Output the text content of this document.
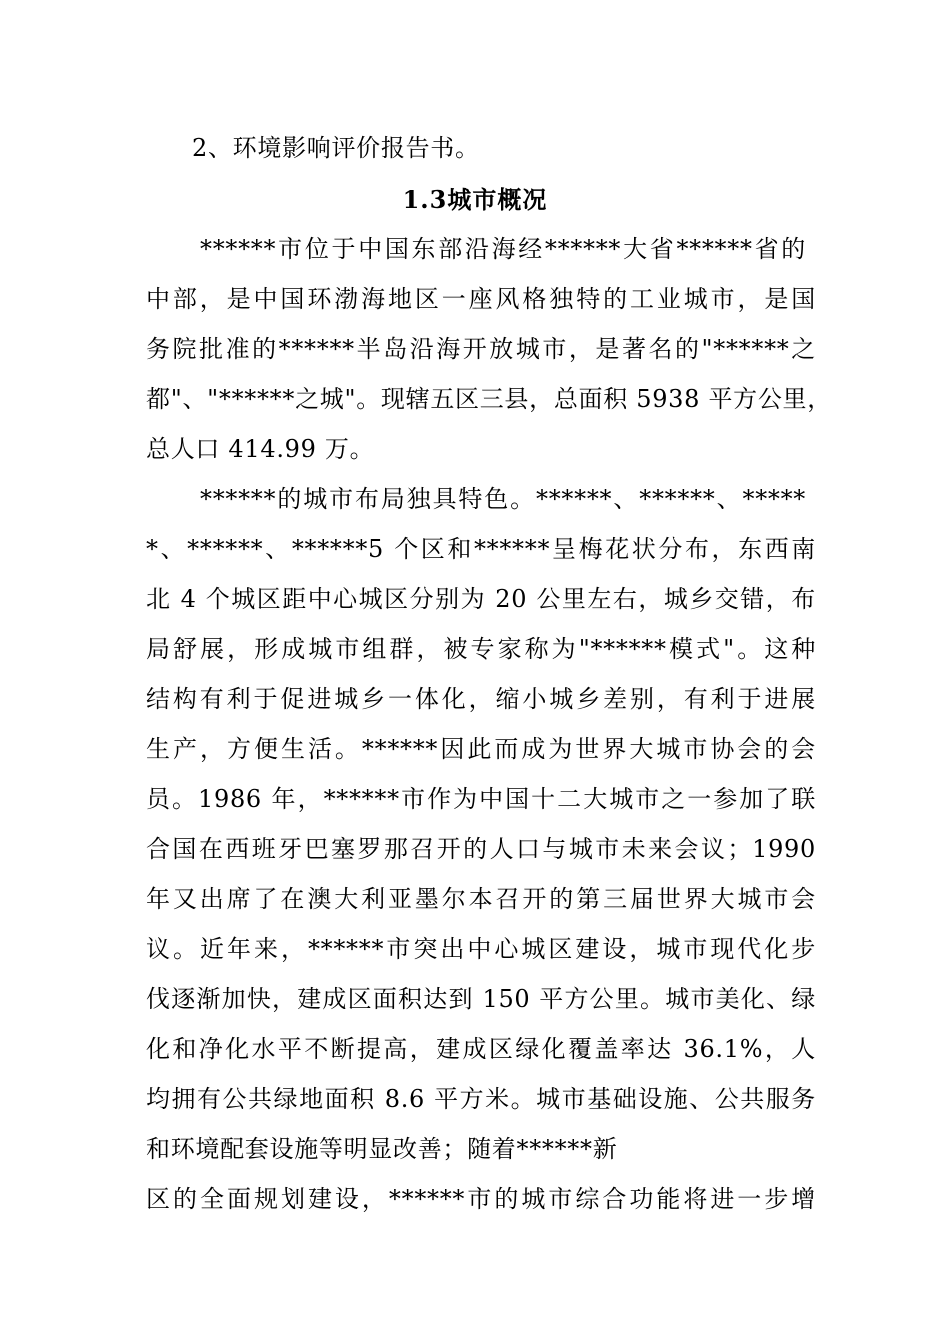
2、环境影响评价报告书。
1.3城市概况
******市位于中国东部沿海经******大省******省的
中部，是中国环渤海地区一座风格独特的工业城市，是国
务院批准的******半岛沿海开放城市，是著名的"******之
都"、"******之城"。现辖五区三县，总面积 5938 平方公里，
总人口 414.99 万。
******的城市布局独具特色。******、******、*****
*、******、******5 个区和******呈梅花状分布，东西南
北 4 个城区距中心城区分别为 20 公里左右，城乡交错，布
局舒展，形成城市组群，被专家称为"******模式"。这种
结构有利于促进城乡一体化，缩小城乡差别，有利于进展
生产，方便生活。******因此而成为世界大城市协会的会
员。1986 年，******市作为中国十二大城市之一参加了联
合国在西班牙巴塞罗那召开的人口与城市未来会议；1990
年又出席了在澳大利亚墨尔本召开的第三届世界大城市会
议。近年来，******市突出中心城区建设，城市现代化步
伐逐渐加快，建成区面积达到 150 平方公里。城市美化、绿
化和净化水平不断提高，建成区绿化覆盖率达 36.1%，人
均拥有公共绿地面积 8.6 平方米。城市基础设施、公共服务
和环境配套设施等明显改善；随着******新
区的全面规划建设，******市的城市综合功能将进一步增
